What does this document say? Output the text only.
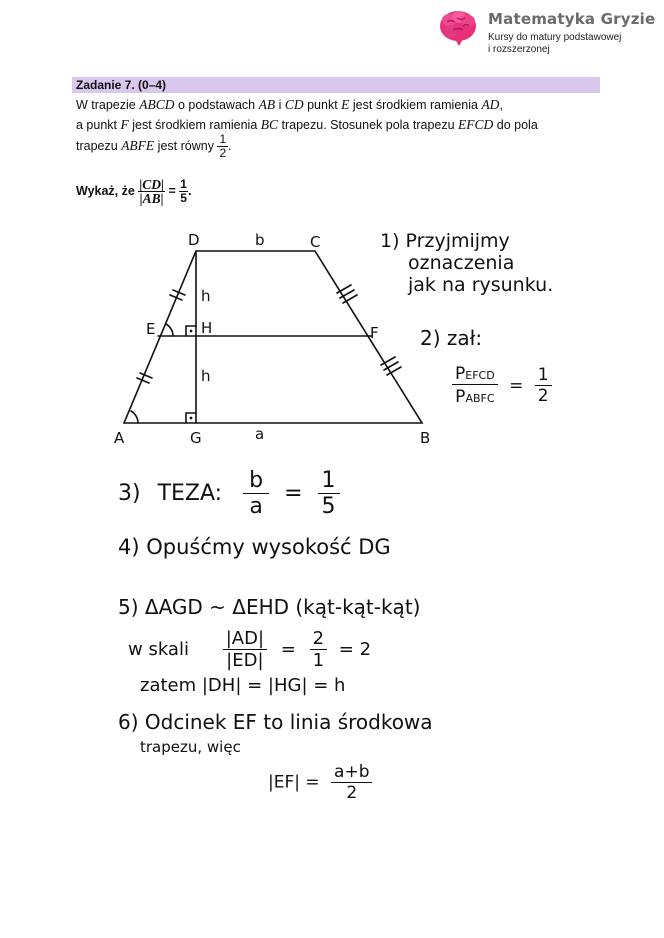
Matematyka Gryzie
Kursy do matury podstawowej
i rozszerzonej
Zadanie 7. (0–4)
W trapezie ABCD o podstawach AB i CD punkt E jest środkiem ramienia AD,
a punkt F jest środkiem ramienia BC trapezu. Stosunek pola trapezu EFCD do pola
trapezu ABFE jest równy $\frac{1}{2}$ .
Wykaż, że $\frac{|CD|}{|AB|} = \frac{1}{5}$ .
D	b	C
E	H	F
h
h
A	G	a	B
1) Przyjmijmy
oznaczenia
jak na rysunku.
2) zał:
PEFCD
PABFC
= $\frac{1}{2}$
3) TEZA: $\frac{b}{a} = \frac{1}{5}$
4) Opuśćmy wysokość DG
5) ΔAGD ~ ΔEHD (kąt-kąt-kąt)
w skali $\frac{|AD|}{|ED|} = \frac{2}{1} = 2$
zatem |DH| = |HG| = h
6) Odcinek EF to linia środkowa
trapezu, więc
$|EF| = \frac{a+b}{2}$
